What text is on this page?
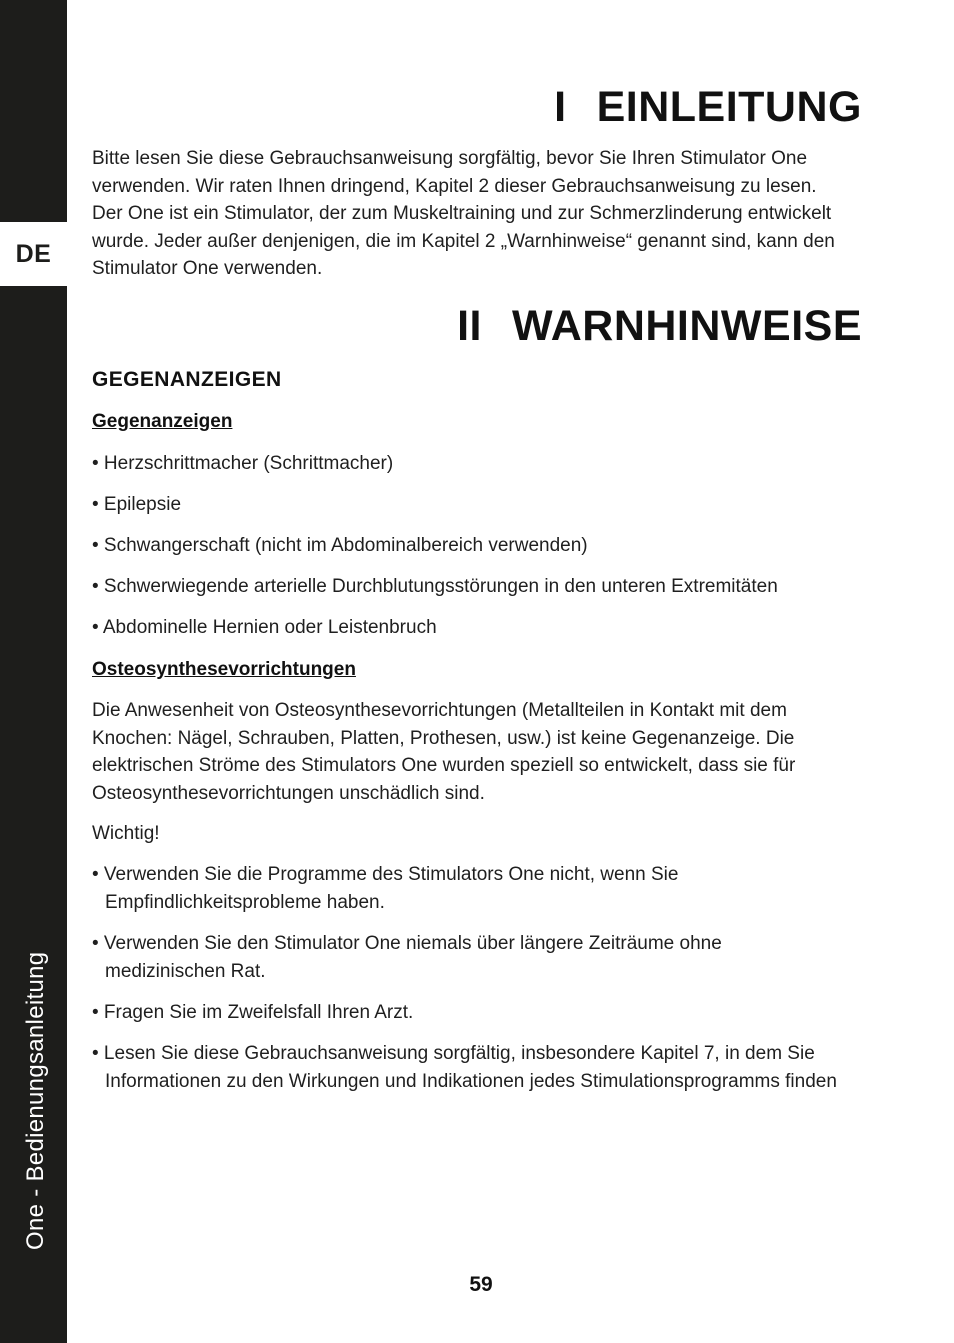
DE
One - Bedienungsanleitung
I EINLEITUNG

Bitte lesen Sie diese Gebrauchsanweisung sorgfältig, bevor Sie Ihren Stimulator One verwenden. Wir raten Ihnen dringend, Kapitel 2 dieser Gebrauchsanweisung zu lesen. Der One ist ein Stimulator, der zum Muskeltraining und zur Schmerzlinderung entwickelt wurde. Jeder außer denjenigen, die im Kapitel 2 „Warnhinweise“ genannt sind, kann den Stimulator One verwenden.

II WARNHINWEISE

GEGENANZEIGEN

Gegenanzeigen

• Herzschrittmacher (Schrittmacher)

• Epilepsie

• Schwangerschaft (nicht im Abdominalbereich verwenden)

• Schwerwiegende arterielle Durchblutungsstörungen in den unteren Extremitäten

• Abdominelle Hernien oder Leistenbruch

Osteosynthesevorrichtungen

Die Anwesenheit von Osteosynthesevorrichtungen (Metallteilen in Kontakt mit dem Knochen: Nägel, Schrauben, Platten, Prothesen, usw.) ist keine Gegenanzeige. Die elektrischen Ströme des Stimulators One wurden speziell so entwickelt, dass sie für Osteosynthesevorrichtungen unschädlich sind.

Wichtig!

• Verwenden Sie die Programme des Stimulators One nicht, wenn Sie Empfindlichkeitsprobleme haben.

• Verwenden Sie den Stimulator One niemals über längere Zeiträume ohne medizinischen Rat.

• Fragen Sie im Zweifelsfall Ihren Arzt.

• Lesen Sie diese Gebrauchsanweisung sorgfältig, insbesondere Kapitel 7, in dem Sie Informationen zu den Wirkungen und Indikationen jedes Stimulationsprogramms finden

59
